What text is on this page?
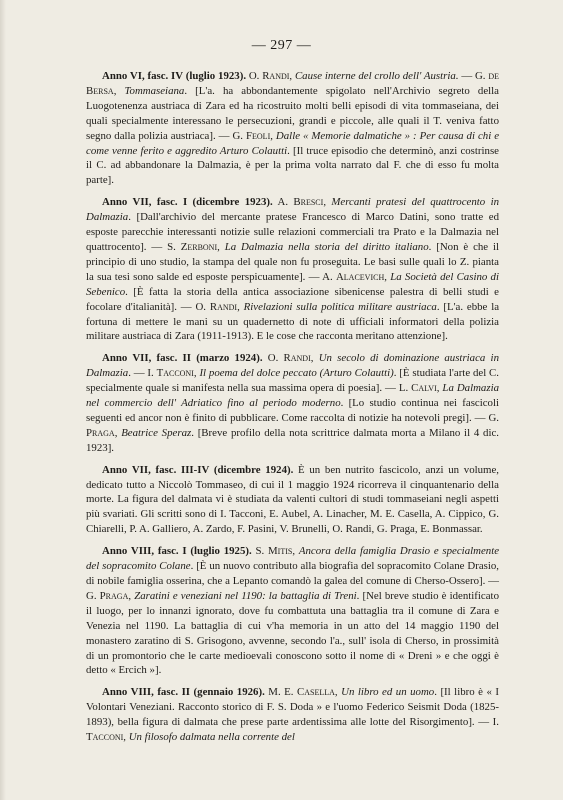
— 297 —

Anno VI, fasc. IV (luglio 1923). O. Randi, Cause interne del crollo dell' Austria. — G. de Bersa, Tommaseiana. [L'a. ha abbondantemente spigolato nell'Archivio segreto della Luogotenenza austriaca di Zara ed ha ricostruito molti belli episodi di vita tommaseiana, dei quali specialmente interessano le persecuzioni, grandi e piccole, alle quali il T. veniva fatto segno dalla polizia austriaca]. — G. Feoli, Dalle « Memorie dalmatiche » : Per causa di chi e come venne ferito e aggredito Arturo Colautti. [Il truce episodio che determinò, anzi costrinse il C. ad abbandonare la Dalmazia, è per la prima volta narrato dal F. che di esso fu molta parte].

Anno VII, fasc. I (dicembre 1923). A. Bresci, Mercanti pratesi del quattrocento in Dalmazia. [Dall'archivio del mercante pratese Francesco di Marco Datini, sono tratte ed esposte parecchie interessanti notizie sulle relazioni commerciali tra Prato e la Dalmazia nel quattrocento]. — S. Zerboni, La Dalmazia nella storia del diritto italiano. [Non è che il principio di uno studio, la stampa del quale non fu proseguita. Le basi sulle quali lo Z. pianta la sua tesi sono salde ed esposte perspicuamente]. — A. Alacevich, La Società del Casino di Sebenico. [È fatta la storia della antica associazione sibenicense palestra di belli studi e focolare d'italianità]. — O. Randi, Rivelazioni sulla politica militare austriaca. [L'a. ebbe la fortuna di mettere le mani su un quadernetto di note di ufficiali informatori della polizia militare austriaca di Zara (1911-1913). E le cose che racconta meritano attenzione].

Anno VII, fasc. II (marzo 1924). O. Randi, Un secolo di dominazione austriaca in Dalmazia. — I. Tacconi, Il poema del dolce peccato (Arturo Colautti). [È studiata l'arte del C. specialmente quale si manifesta nella sua massima opera di poesia]. — L. Calvi, La Dalmazia nel commercio dell' Adriatico fino al periodo moderno. [Lo studio continua nei fascicoli seguenti ed ancor non è finito di pubblicare. Come raccolta di notizie ha notevoli pregi]. — G. Praga, Beatrice Speraz. [Breve profilo della nota scrittrice dalmata morta a Milano il 4 dic. 1923].

Anno VII, fasc. III-IV (dicembre 1924). È un ben nutrito fascicolo, anzi un volume, dedicato tutto a Niccolò Tommaseo, di cui il 1 maggio 1924 ricorreva il cinquantenario della morte. La figura del dalmata vi è studiata da valenti cultori di studi tommaseiani negli aspetti più svariati. Gli scritti sono di I. Tacconi, E. Aubel, A. Linacher, M. E. Casella, A. Cippico, G. Chiarelli, P. A. Galliero, A. Zardo, F. Pasini, V. Brunelli, O. Randi, G. Praga, E. Bonmassar.

Anno VIII, fasc. I (luglio 1925). S. Mitis, Ancora della famiglia Drasio e specialmente del sopracomito Colane. [È un nuovo contributo alla biografia del sopracomito Colane Drasio, di nobile famiglia osserina, che a Lepanto comandò la galea del comune di Cherso-Ossero]. — G. Praga, Zaratini e veneziani nel 1190: la battaglia di Treni. [Nel breve studio è identificato il luogo, per lo innanzi ignorato, dove fu combattuta una battaglia tra il comune di Zara e Venezia nel 1190. La battaglia di cui v'ha memoria in un atto del 14 maggio 1190 del monastero zaratino di S. Grisogono, avvenne, secondo l'a., sull' isola di Cherso, in prossimità di un promontorio che le carte medioevali conoscono sotto il nome di « Dreni » e che oggi è detto « Ercich »].

Anno VIII, fasc. II (gennaio 1926). M. E. Casella, Un libro ed un uomo. [Il libro è « I Volontari Veneziani. Racconto storico di F. S. Doda » e l'uomo Federico Seismit Doda (1825-1893), bella figura di dalmata che prese parte ardentissima alle lotte del Risorgimento]. — I. Tacconi, Un filosofo dalmata nella corrente del
